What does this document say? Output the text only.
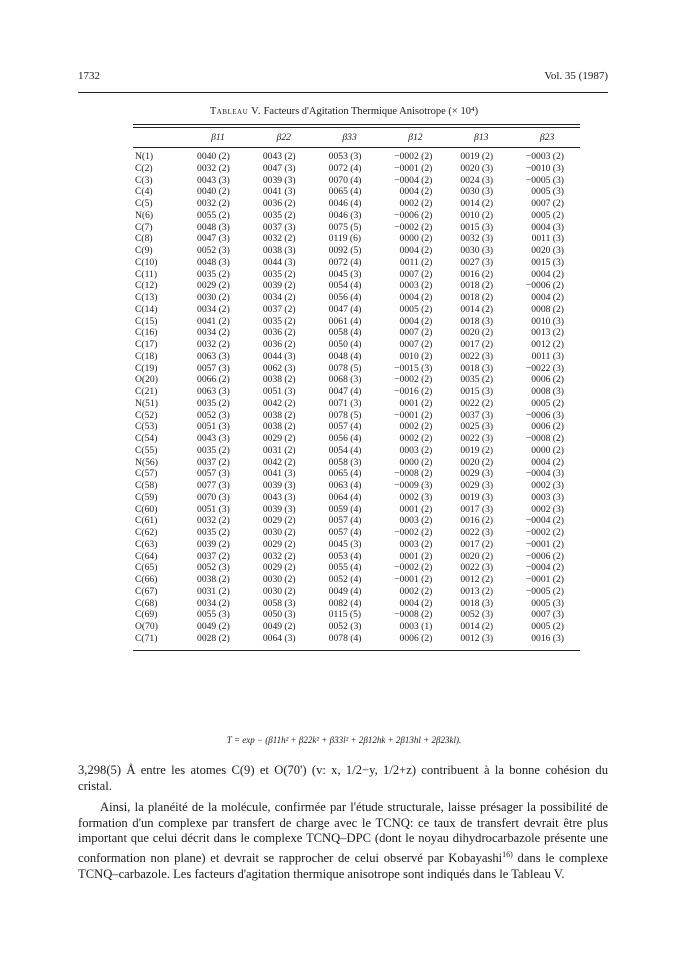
1732	Vol. 35 (1987)
Tableau V. Facteurs d'Agitation Thermique Anisotrope (× 10⁴)
	β11	β22	β33	β12	β13	β23

N(1)	0040 (2)	0043 (2)	0053 (3)	−0002 (2)	0019 (2)	−0003 (2)
C(2)	0032 (2)	0047 (3)	0072 (4)	−0001 (2)	0020 (3)	−0010 (3)
C(3)	0043 (3)	0039 (3)	0070 (4)	−0004 (2)	0024 (3)	−0005 (3)
C(4)	0040 (2)	0041 (3)	0065 (4)	0004 (2)	0030 (3)	0005 (3)
C(5)	0032 (2)	0036 (2)	0046 (4)	0002 (2)	0014 (2)	0007 (2)
N(6)	0055 (2)	0035 (2)	0046 (3)	−0006 (2)	0010 (2)	0005 (2)
C(7)	0048 (3)	0037 (3)	0075 (5)	−0002 (2)	0015 (3)	0004 (3)
C(8)	0047 (3)	0032 (2)	0119 (6)	0000 (2)	0032 (3)	0011 (3)
C(9)	0052 (3)	0038 (3)	0092 (5)	0004 (2)	0030 (3)	0020 (3)
C(10)	0048 (3)	0044 (3)	0072 (4)	0011 (2)	0027 (3)	0015 (3)
C(11)	0035 (2)	0035 (2)	0045 (3)	0007 (2)	0016 (2)	0004 (2)
C(12)	0029 (2)	0039 (2)	0054 (4)	0003 (2)	0018 (2)	−0006 (2)
C(13)	0030 (2)	0034 (2)	0056 (4)	0004 (2)	0018 (2)	0004 (2)
C(14)	0034 (2)	0037 (2)	0047 (4)	0005 (2)	0014 (2)	0008 (2)
C(15)	0041 (2)	0035 (2)	0061 (4)	0004 (2)	0018 (3)	0010 (3)
C(16)	0034 (2)	0036 (2)	0058 (4)	0007 (2)	0020 (2)	0013 (2)
C(17)	0032 (2)	0036 (2)	0050 (4)	0007 (2)	0017 (2)	0012 (2)
C(18)	0063 (3)	0044 (3)	0048 (4)	0010 (2)	0022 (3)	0011 (3)
C(19)	0057 (3)	0062 (3)	0078 (5)	−0015 (3)	0018 (3)	−0022 (3)
O(20)	0066 (2)	0038 (2)	0068 (3)	−0002 (2)	0035 (2)	0006 (2)
C(21)	0063 (3)	0051 (3)	0047 (4)	−0016 (2)	0015 (3)	0008 (3)
N(51)	0035 (2)	0042 (2)	0071 (3)	0001 (2)	0022 (2)	0005 (2)
C(52)	0052 (3)	0038 (2)	0078 (5)	−0001 (2)	0037 (3)	−0006 (3)
C(53)	0051 (3)	0038 (2)	0057 (4)	0002 (2)	0025 (3)	0006 (2)
C(54)	0043 (3)	0029 (2)	0056 (4)	0002 (2)	0022 (3)	−0008 (2)
C(55)	0035 (2)	0031 (2)	0054 (4)	0003 (2)	0019 (2)	0000 (2)
N(56)	0037 (2)	0042 (2)	0058 (3)	0000 (2)	0020 (2)	0004 (2)
C(57)	0057 (3)	0041 (3)	0065 (4)	−0008 (2)	0029 (3)	−0004 (3)
C(58)	0077 (3)	0039 (3)	0063 (4)	−0009 (3)	0029 (3)	0002 (3)
C(59)	0070 (3)	0043 (3)	0064 (4)	0002 (3)	0019 (3)	0003 (3)
C(60)	0051 (3)	0039 (3)	0059 (4)	0001 (2)	0017 (3)	0002 (3)
C(61)	0032 (2)	0029 (2)	0057 (4)	0003 (2)	0016 (2)	−0004 (2)
C(62)	0035 (2)	0030 (2)	0057 (4)	−0002 (2)	0022 (3)	−0002 (2)
C(63)	0039 (2)	0029 (2)	0045 (3)	0003 (2)	0017 (2)	−0001 (2)
C(64)	0037 (2)	0032 (2)	0053 (4)	0001 (2)	0020 (2)	−0006 (2)
C(65)	0052 (3)	0029 (2)	0055 (4)	−0002 (2)	0022 (3)	−0004 (2)
C(66)	0038 (2)	0030 (2)	0052 (4)	−0001 (2)	0012 (2)	−0001 (2)
C(67)	0031 (2)	0030 (2)	0049 (4)	0002 (2)	0013 (2)	−0005 (2)
C(68)	0034 (2)	0058 (3)	0082 (4)	0004 (2)	0018 (3)	0005 (3)
C(69)	0055 (3)	0050 (3)	0115 (5)	−0008 (2)	0052 (3)	0007 (3)
O(70)	0049 (2)	0049 (2)	0052 (3)	0003 (1)	0014 (2)	0005 (2)
C(71)	0028 (2)	0064 (3)	0078 (4)	0006 (2)	0012 (3)	0016 (3)
T = exp − (β11h² + β22k² + β33l² + 2β12hk + 2β13hl + 2β23kl).

3,298(5) Å entre les atomes C(9) et O(70') (v: x, 1/2−y, 1/2+z) contribuent à la bonne cohésion du cristal.

Ainsi, la planéité de la molécule, confirmée par l'étude structurale, laisse présager la possibilité de formation d'un complexe par transfert de charge avec le TCNQ: ce taux de transfert devrait être plus important que celui décrit dans le complexe TCNQ–DPC (dont le noyau dihydrocarbazole présente une conformation non plane) et devrait se rapprocher de celui observé par Kobayashi$^{16)}$ dans le complexe TCNQ–carbazole. Les facteurs d'agitation thermique anisotrope sont indiqués dans le Tableau V.
